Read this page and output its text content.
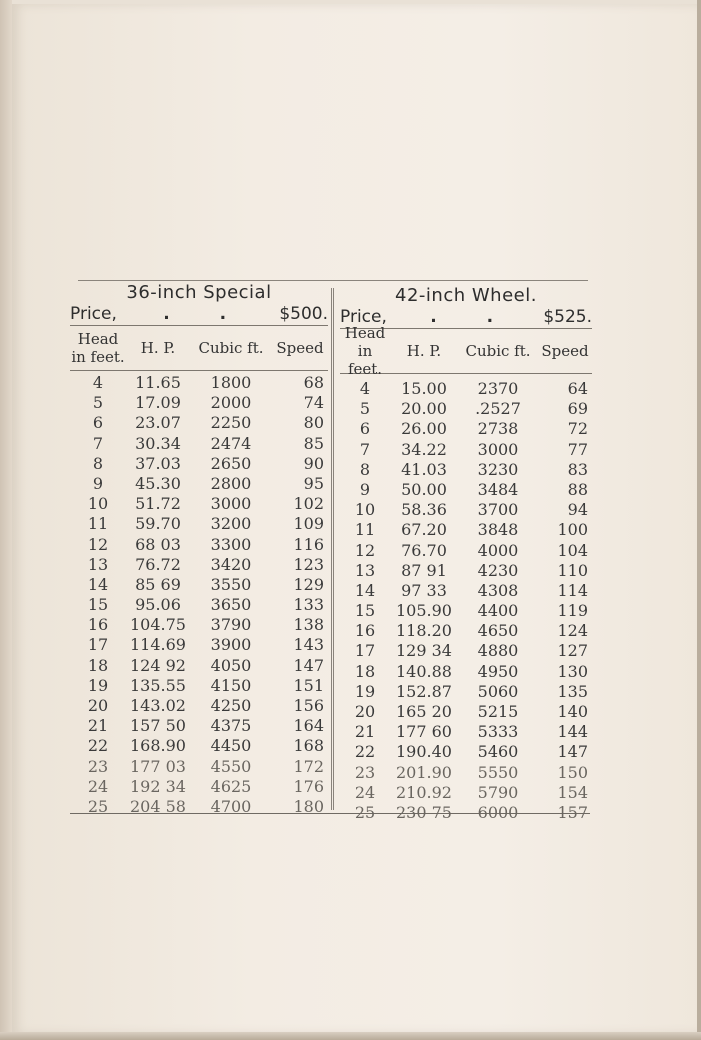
36-inch Special
Price,	. .	$500.
Head
in feet.	H. P.	Cubic ft. Speed
4	11.65	1800	68
5	17.09	2000	74
6	23.07	2250	80
7	30.34	2474	85
8	37.03	2650	90
9	45.30	2800	95
10	51.72	3000	102
11	59.70	3200	109
12	68 03	3300	116
13	76.72	3420	123
14	85 69	3550	129
15	95.06	3650	133
16	104.75	3790	138
17	114.69	3900	143
18	124 92	4050	147
19	135.55	4150	151
20	143.02	4250	156
21	157 50	4375	164
22	168.90	4450	168
23	177 03	4550	172
24	192 34	4625	176
25	204 58	4700	180
42-inch Wheel.
Price,	. .	$525.
Head
in feet.
H. P.	Cubic ft. Speed
4	15.00	2370	64
5	20.00	.2527	69
6	26.00	2738	72
7	34.22	3000	77
8	41.03	3230	83
9	50.00	3484	88
10	58.36	3700	94
11	67.20	3848	100
12	76.70	4000	104
13	87 91	4230	110
14	97 33	4308	114
15	105.90	4400	119
16	118.20	4650	124
17	129 34	4880	127
18	140.88	4950	130
19	152.87	5060	135
20	165 20	5215	140
21	177 60	5333	144
22	190.40	5460	147
23	201.90	5550	150
24	210.92	5790	154
25	230 75	6000	157
